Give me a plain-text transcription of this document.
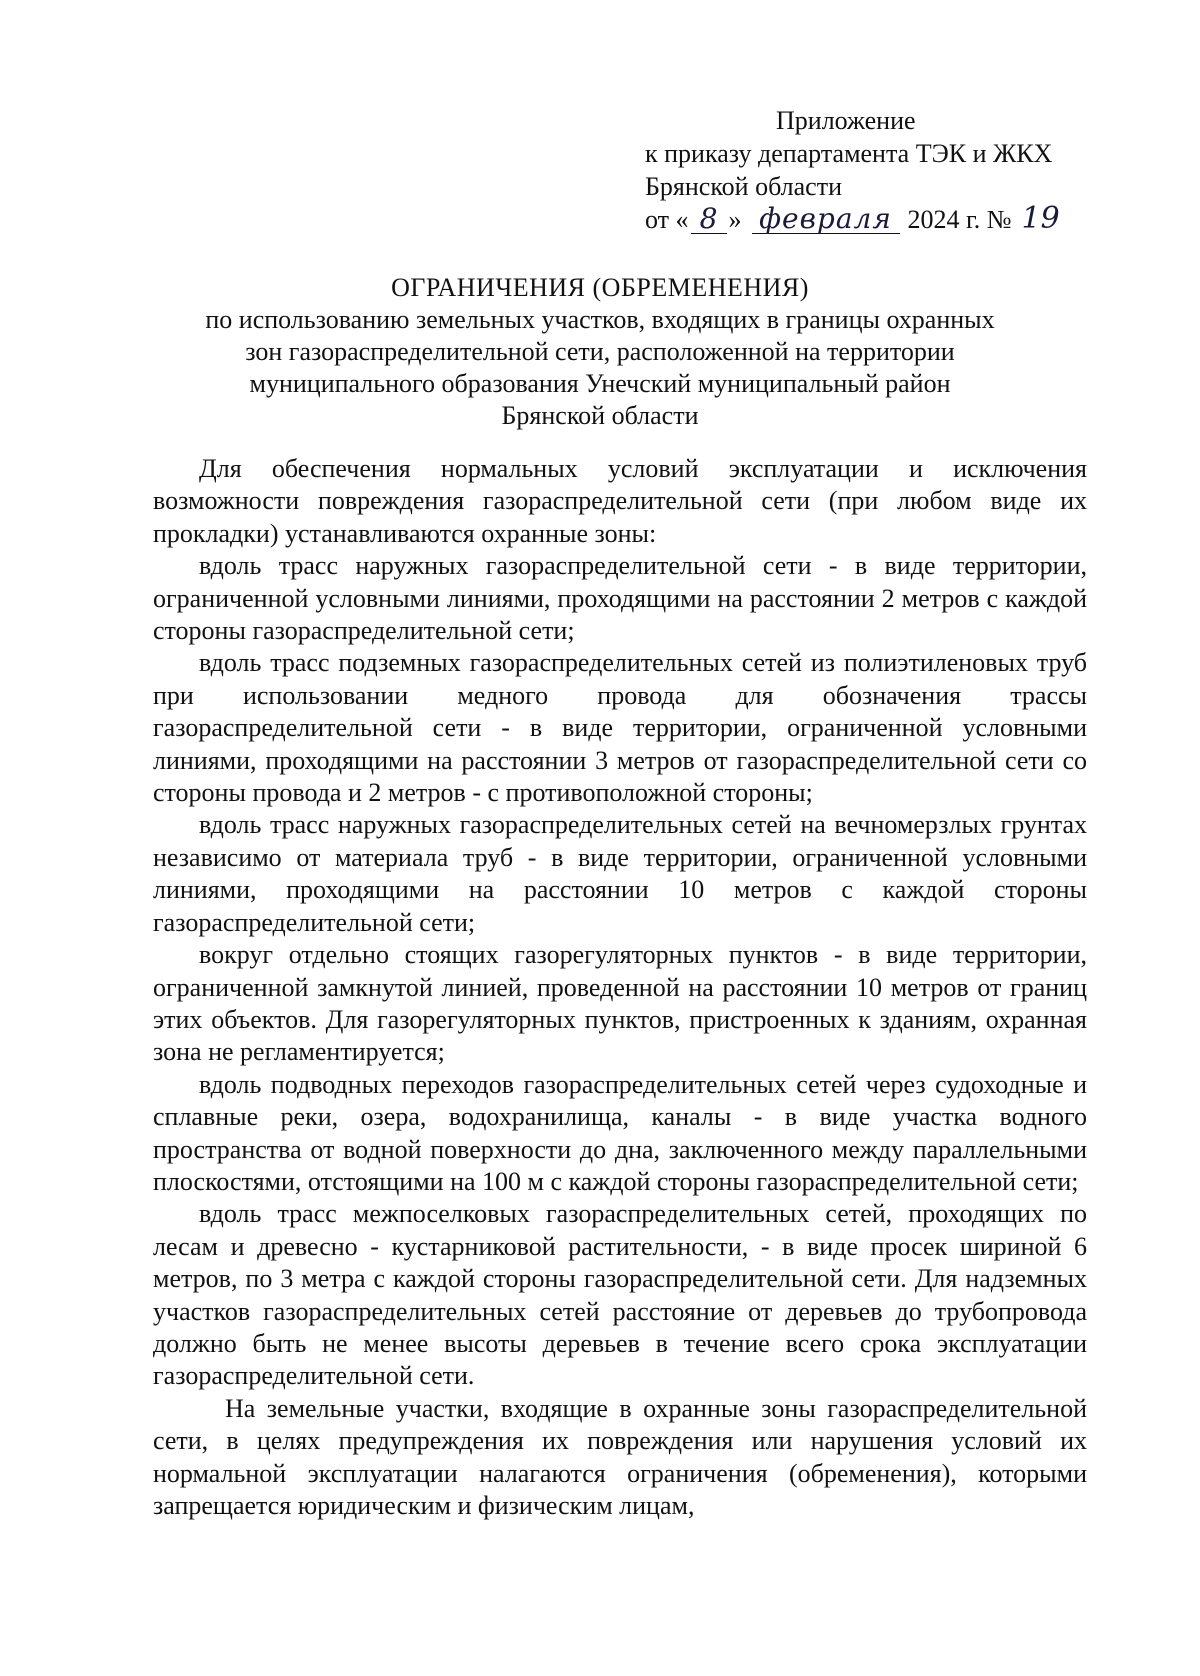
Приложение
к приказу департамента ТЭК и ЖКХ
Брянской области
от « 8 » февраля 2024 г. № 19
ОГРАНИЧЕНИЯ (ОБРЕМЕНЕНИЯ)
по использованию земельных участков, входящих в границы охранных
зон газораспределительной сети, расположенной на территории
муниципального образования Унечский муниципальный район
Брянской области

Для обеспечения нормальных условий эксплуатации и исключения возможности повреждения газораспределительной сети (при любом виде их прокладки) устанавливаются охранные зоны:

вдоль трасс наружных газораспределительной сети - в виде территории, ограниченной условными линиями, проходящими на расстоянии 2 метров с каждой стороны газораспределительной сети;

вдоль трасс подземных газораспределительных сетей из полиэтиленовых труб при использовании медного провода для обозначения трассы газораспределительной сети - в виде территории, ограниченной условными линиями, проходящими на расстоянии 3 метров от газораспределительной сети со стороны провода и 2 метров - с противоположной стороны;

вдоль трасс наружных газораспределительных сетей на вечномерзлых грунтах независимо от материала труб - в виде территории, ограниченной условными линиями, проходящими на расстоянии 10 метров с каждой стороны газораспределительной сети;

вокруг отдельно стоящих газорегуляторных пунктов - в виде территории, ограниченной замкнутой линией, проведенной на расстоянии 10 метров от границ этих объектов. Для газорегуляторных пунктов, пристроенных к зданиям, охранная зона не регламентируется;

вдоль подводных переходов газораспределительных сетей через судоходные и сплавные реки, озера, водохранилища, каналы - в виде участка водного пространства от водной поверхности до дна, заключенного между параллельными плоскостями, отстоящими на 100 м с каждой стороны газораспределительной сети;

вдоль трасс межпоселковых газораспределительных сетей, проходящих по лесам и древесно - кустарниковой растительности, - в виде просек шириной 6 метров, по 3 метра с каждой стороны газораспределительной сети. Для надземных участков газораспределительных сетей расстояние от деревьев до трубопровода должно быть не менее высоты деревьев в течение всего срока эксплуатации газораспределительной сети.

На земельные участки, входящие в охранные зоны газораспределительной сети, в целях предупреждения их повреждения или нарушения условий их нормальной эксплуатации налагаются ограничения (обременения), которыми запрещается юридическим и физическим лицам,
